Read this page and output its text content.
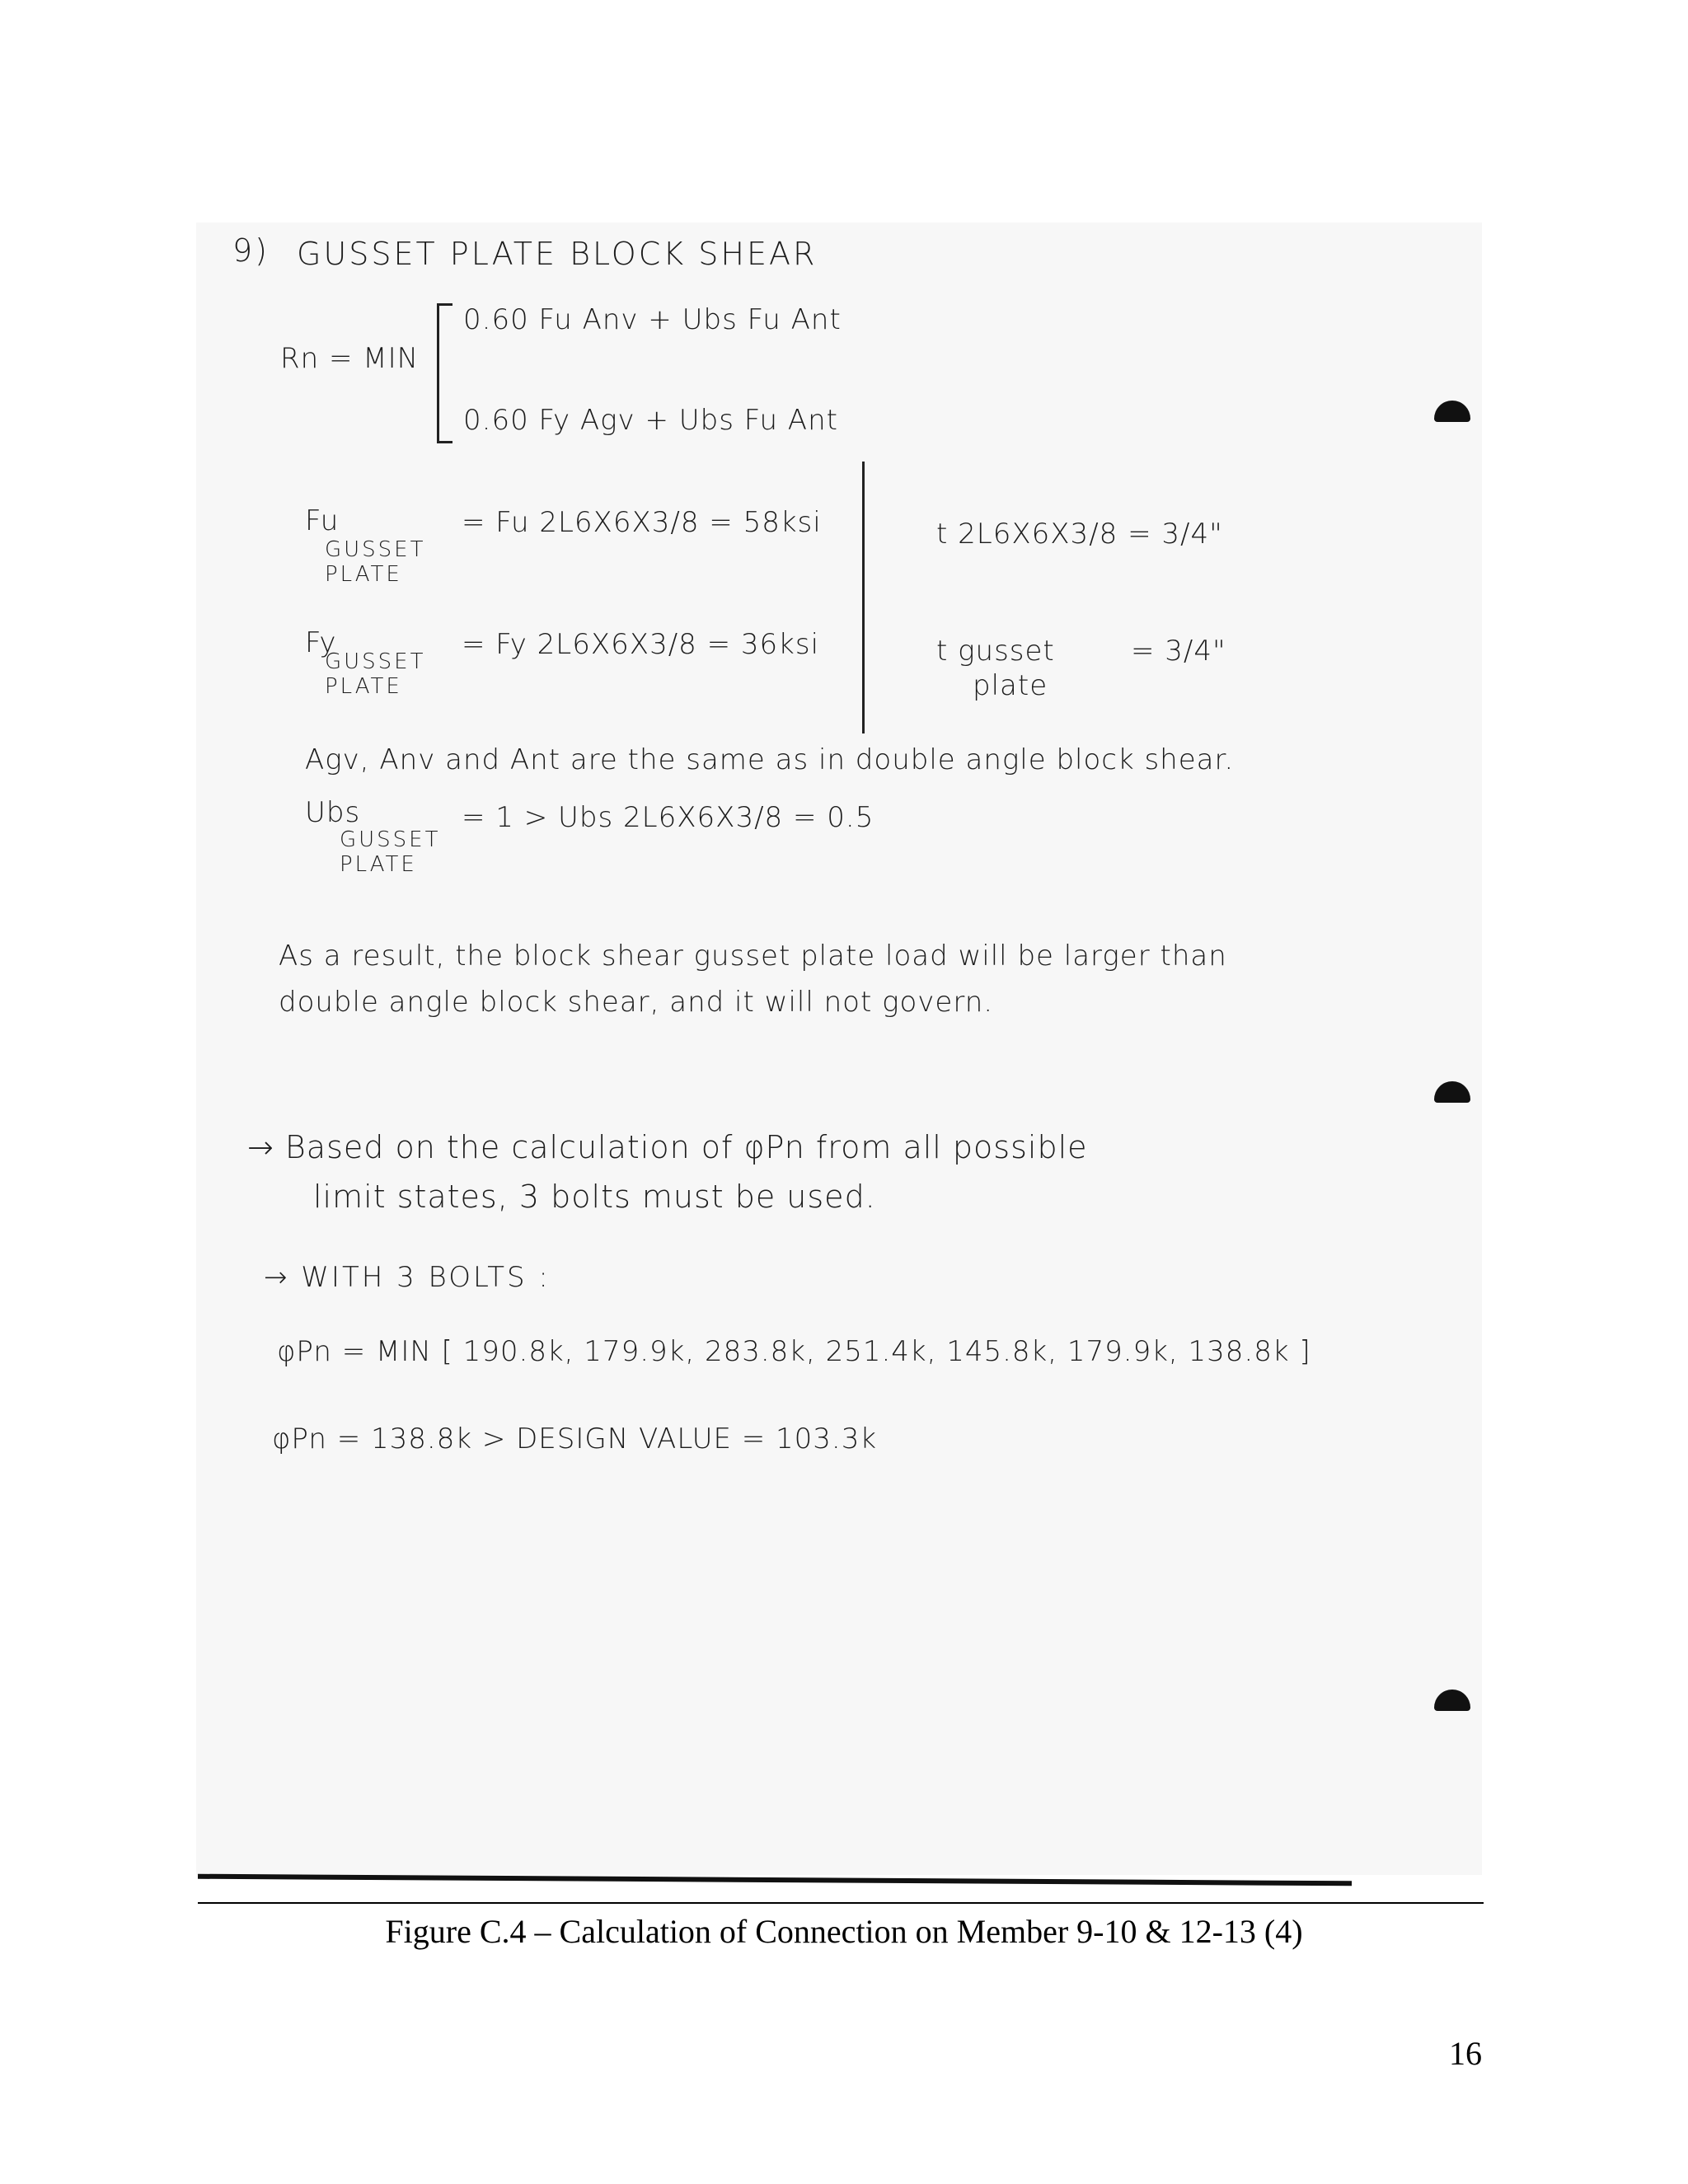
9) GUSSET PLATE BLOCK SHEAR
Rn = MIN
0.60 Fu Anv + Ubs Fu Ant
0.60 Fy Agv + Ubs Fu Ant
Fu
GUSSET PLATE
= Fu 2L6X6X3/8 = 58ksi
Fy
GUSSET PLATE
= Fy 2L6X6X3/8 = 36ksi
t 2L6X6X3/8 = 3/4"
t gusset
plate
= 3/4"
Agv, Anv and Ant are the same as in double angle block shear.
Ubs
GUSSET PLATE
= 1 > Ubs 2L6X6X3/8 = 0.5
As a result, the block shear gusset plate load will be larger than
double angle block shear, and it will not govern.
→ Based on the calculation of φPn from all possible
limit states, 3 bolts must be used.
→ WITH 3 BOLTS :
φPn = MIN [ 190.8k, 179.9k, 283.8k, 251.4k, 145.8k, 179.9k, 138.8k ]
φPn = 138.8k > DESIGN VALUE = 103.3k
Figure C.4 – Calculation of Connection on Member 9-10 & 12-13 (4)
16
